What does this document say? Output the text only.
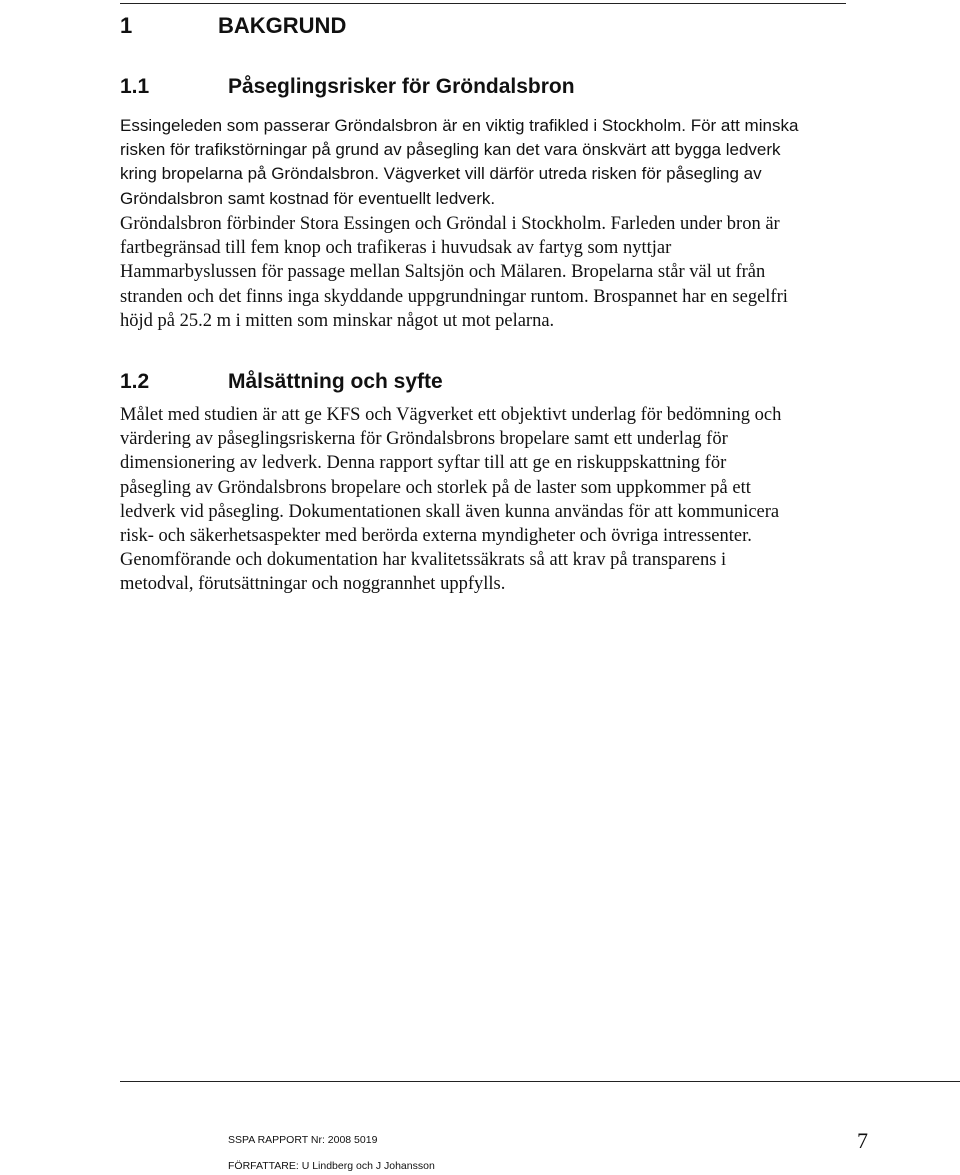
1	BAKGRUND
1.1	Påseglingsrisker för Gröndalsbron
Essingeleden som passerar Gröndalsbron är en viktig trafikled i Stockholm. För att minska
risken för trafikstörningar på grund av påsegling kan det vara önskvärt att bygga ledverk
kring bropelarna på Gröndalsbron. Vägverket vill därför utreda risken för påsegling av
Gröndalsbron samt kostnad för eventuellt ledverk.
Gröndalsbron förbinder Stora Essingen och Gröndal i Stockholm. Farleden under bron är
fartbegränsad till fem knop och trafikeras i huvudsak av fartyg som nyttjar
Hammarbyslussen för passage mellan Saltsjön och Mälaren. Bropelarna står väl ut från
stranden och det finns inga skyddande uppgrundningar runtom. Brospannet har en segelfri
höjd på 25.2 m i mitten som minskar något ut mot pelarna.
1.2	Målsättning och syfte
Målet med studien är att ge KFS och Vägverket ett objektivt underlag för bedömning och
värdering av påseglingsriskerna för Gröndalsbrons bropelare samt ett underlag för
dimensionering av ledverk. Denna rapport syftar till att ge en riskuppskattning för
påsegling av Gröndalsbrons bropelare och storlek på de laster som uppkommer på ett
ledverk vid påsegling. Dokumentationen skall även kunna användas för att kommunicera
risk- och säkerhetsaspekter med berörda externa myndigheter och övriga intressenter.
Genomförande och dokumentation har kvalitetssäkrats så att krav på transparens i
metodval, förutsättningar och noggrannhet uppfylls.
SSPA RAPPORT Nr: 2008 5019
FÖRFATTARE: U Lindberg och J Johansson
7
